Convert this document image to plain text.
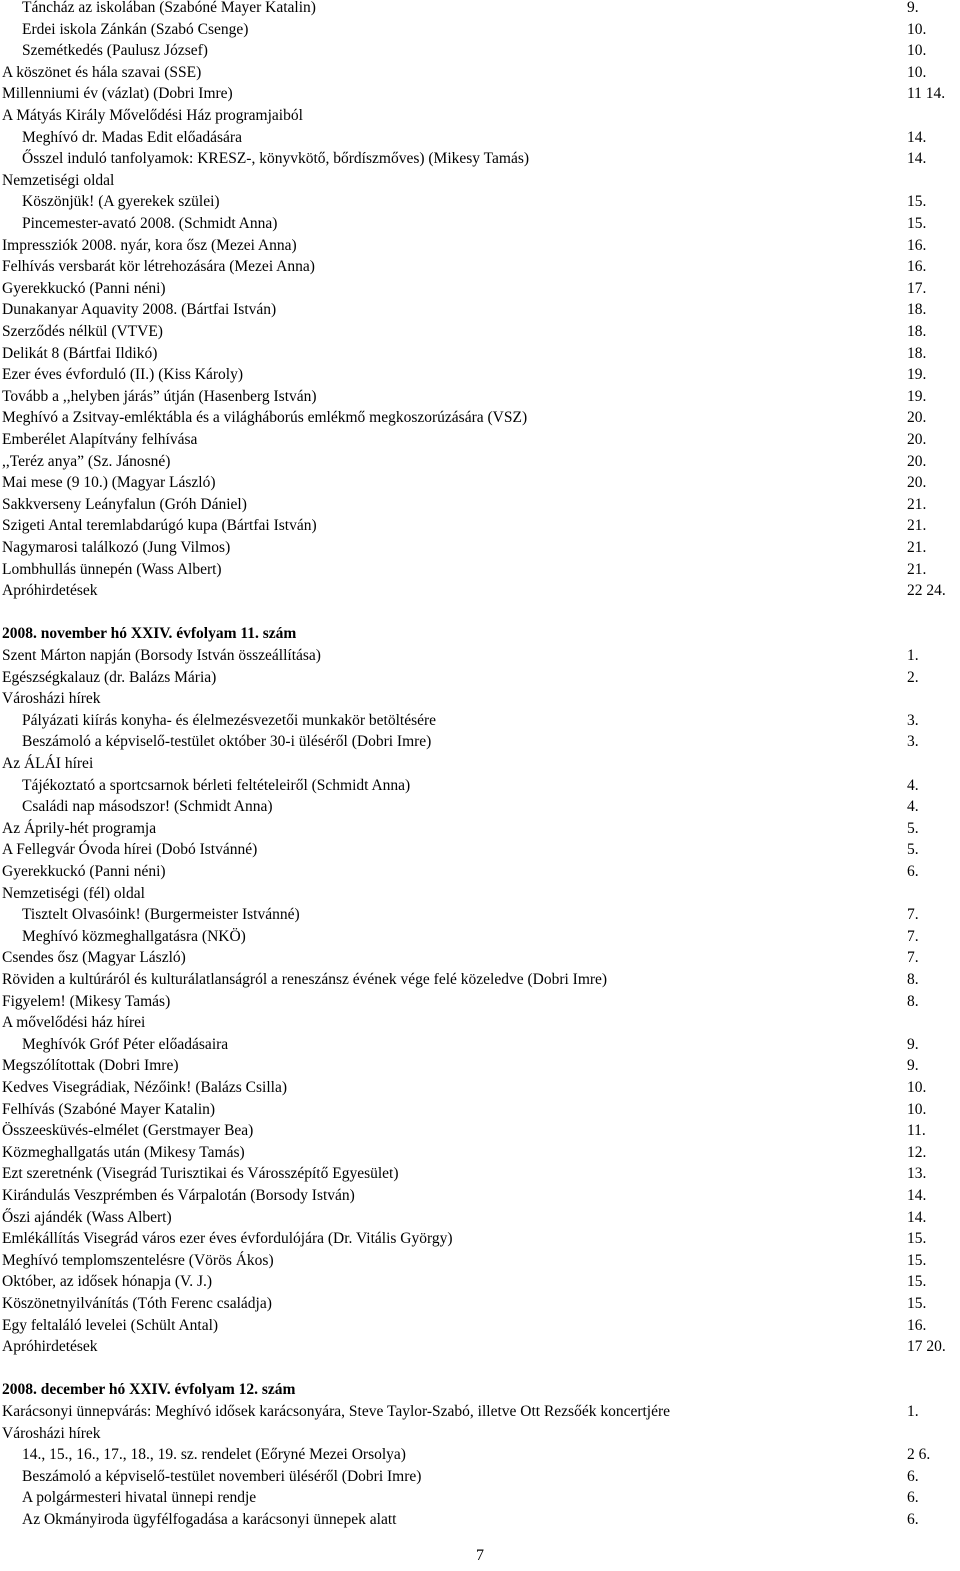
Táncház az iskolában (Szabóné Mayer Katalin)	9.
Erdei iskola Zánkán (Szabó Csenge)	10.
Szemétkedés (Paulusz József)	10.
A köszönet és hála szavai (SSE)	10.
Millenniumi év (vázlat) (Dobri Imre)	11 14.
A Mátyás Király Mővelődési Ház programjaiból
Meghívó dr. Madas Edit előadására	14.
Ősszel induló tanfolyamok: KRESZ-, könyvkötő, bőrdíszmőves) (Mikesy Tamás)	14.
Nemzetiségi oldal
Köszönjük! (A gyerekek szülei)	15.
Pincemester-avató 2008. (Schmidt Anna)	15.
Impressziók 2008. nyár, kora ősz (Mezei Anna)	16.
Felhívás versbarát kör létrehozására (Mezei Anna)	16.
Gyerekkuckó (Panni néni)	17.
Dunakanyar Aquavity 2008. (Bártfai István)	18.
Szerződés nélkül (VTVE)	18.
Delikát 8 (Bártfai Ildikó)	18.
Ezer éves évforduló (II.) (Kiss Károly)	19.
Tovább a ,,helyben járás” útján (Hasenberg István)	19.
Meghívó a Zsitvay-emléktábla és a világháborús emlékmő megkoszorúzására (VSZ)	20.
Emberélet Alapítvány felhívása	20.
,,Teréz anya” (Sz. Jánosné)	20.
Mai mese (9 10.) (Magyar László)	20.
Sakkverseny Leányfalun (Gróh Dániel)	21.
Szigeti Antal teremlabdarúgó kupa (Bártfai István)	21.
Nagymarosi találkozó (Jung Vilmos)	21.
Lombhullás ünnepén (Wass Albert)	21.
Apróhirdetések	22 24.
2008. november hó XXIV. évfolyam 11. szám
Szent Márton napján (Borsody István összeállítása)	1.
Egészségkalauz (dr. Balázs Mária)	2.
Városházi hírek
Pályázati kiírás konyha- és élelmezésvezetői munkakör betöltésére	3.
Beszámoló a képviselő-testület október 30-i üléséről (Dobri Imre)	3.
Az ÁLÁI hírei
Tájékoztató a sportcsarnok bérleti feltételeiről (Schmidt Anna)	4.
Családi nap másodszor! (Schmidt Anna)	4.
Az Áprily-hét programja	5.
A Fellegvár Óvoda hírei (Dobó Istvánné)	5.
Gyerekkuckó (Panni néni)	6.
Nemzetiségi (fél) oldal
Tisztelt Olvasóink! (Burgermeister Istvánné)	7.
Meghívó közmeghallgatásra (NKÖ)	7.
Csendes ősz (Magyar László)	7.
Röviden a kultúráról és kulturálatlanságról a reneszánsz évének vége felé közeledve (Dobri Imre)	8.
Figyelem! (Mikesy Tamás)	8.
A mővelődési ház hírei
Meghívók Gróf Péter előadásaira	9.
Megszólítottak (Dobri Imre)	9.
Kedves Visegrádiak, Nézőink! (Balázs Csilla)	10.
Felhívás (Szabóné Mayer Katalin)	10.
Összeesküvés-elmélet (Gerstmayer Bea)	11.
Közmeghallgatás után (Mikesy Tamás)	12.
Ezt szeretnénk (Visegrád Turisztikai és Városszépítő Egyesület)	13.
Kirándulás Veszprémben és Várpalotán (Borsody István)	14.
Őszi ajándék (Wass Albert)	14.
Emlékállítás Visegrád város ezer éves évfordulójára (Dr. Vitális György)	15.
Meghívó templomszentelésre (Vörös Ákos)	15.
Október, az idősek hónapja (V. J.)	15.
Köszönetnyilvánítás (Tóth Ferenc családja)	15.
Egy feltaláló levelei (Schült Antal)	16.
Apróhirdetések	17 20.
2008. december hó XXIV. évfolyam 12. szám
Karácsonyi ünnepvárás: Meghívó idősek karácsonyára, Steve Taylor-Szabó, illetve Ott Rezsőék koncertjére	1.
Városházi hírek
14., 15., 16., 17., 18., 19. sz. rendelet (Eőryné Mezei Orsolya)	2 6.
Beszámoló a képviselő-testület novemberi üléséről (Dobri Imre)	6.
A polgármesteri hivatal ünnepi rendje	6.
Az Okmányiroda ügyfélfogadása a karácsonyi ünnepek alatt	6.
7
